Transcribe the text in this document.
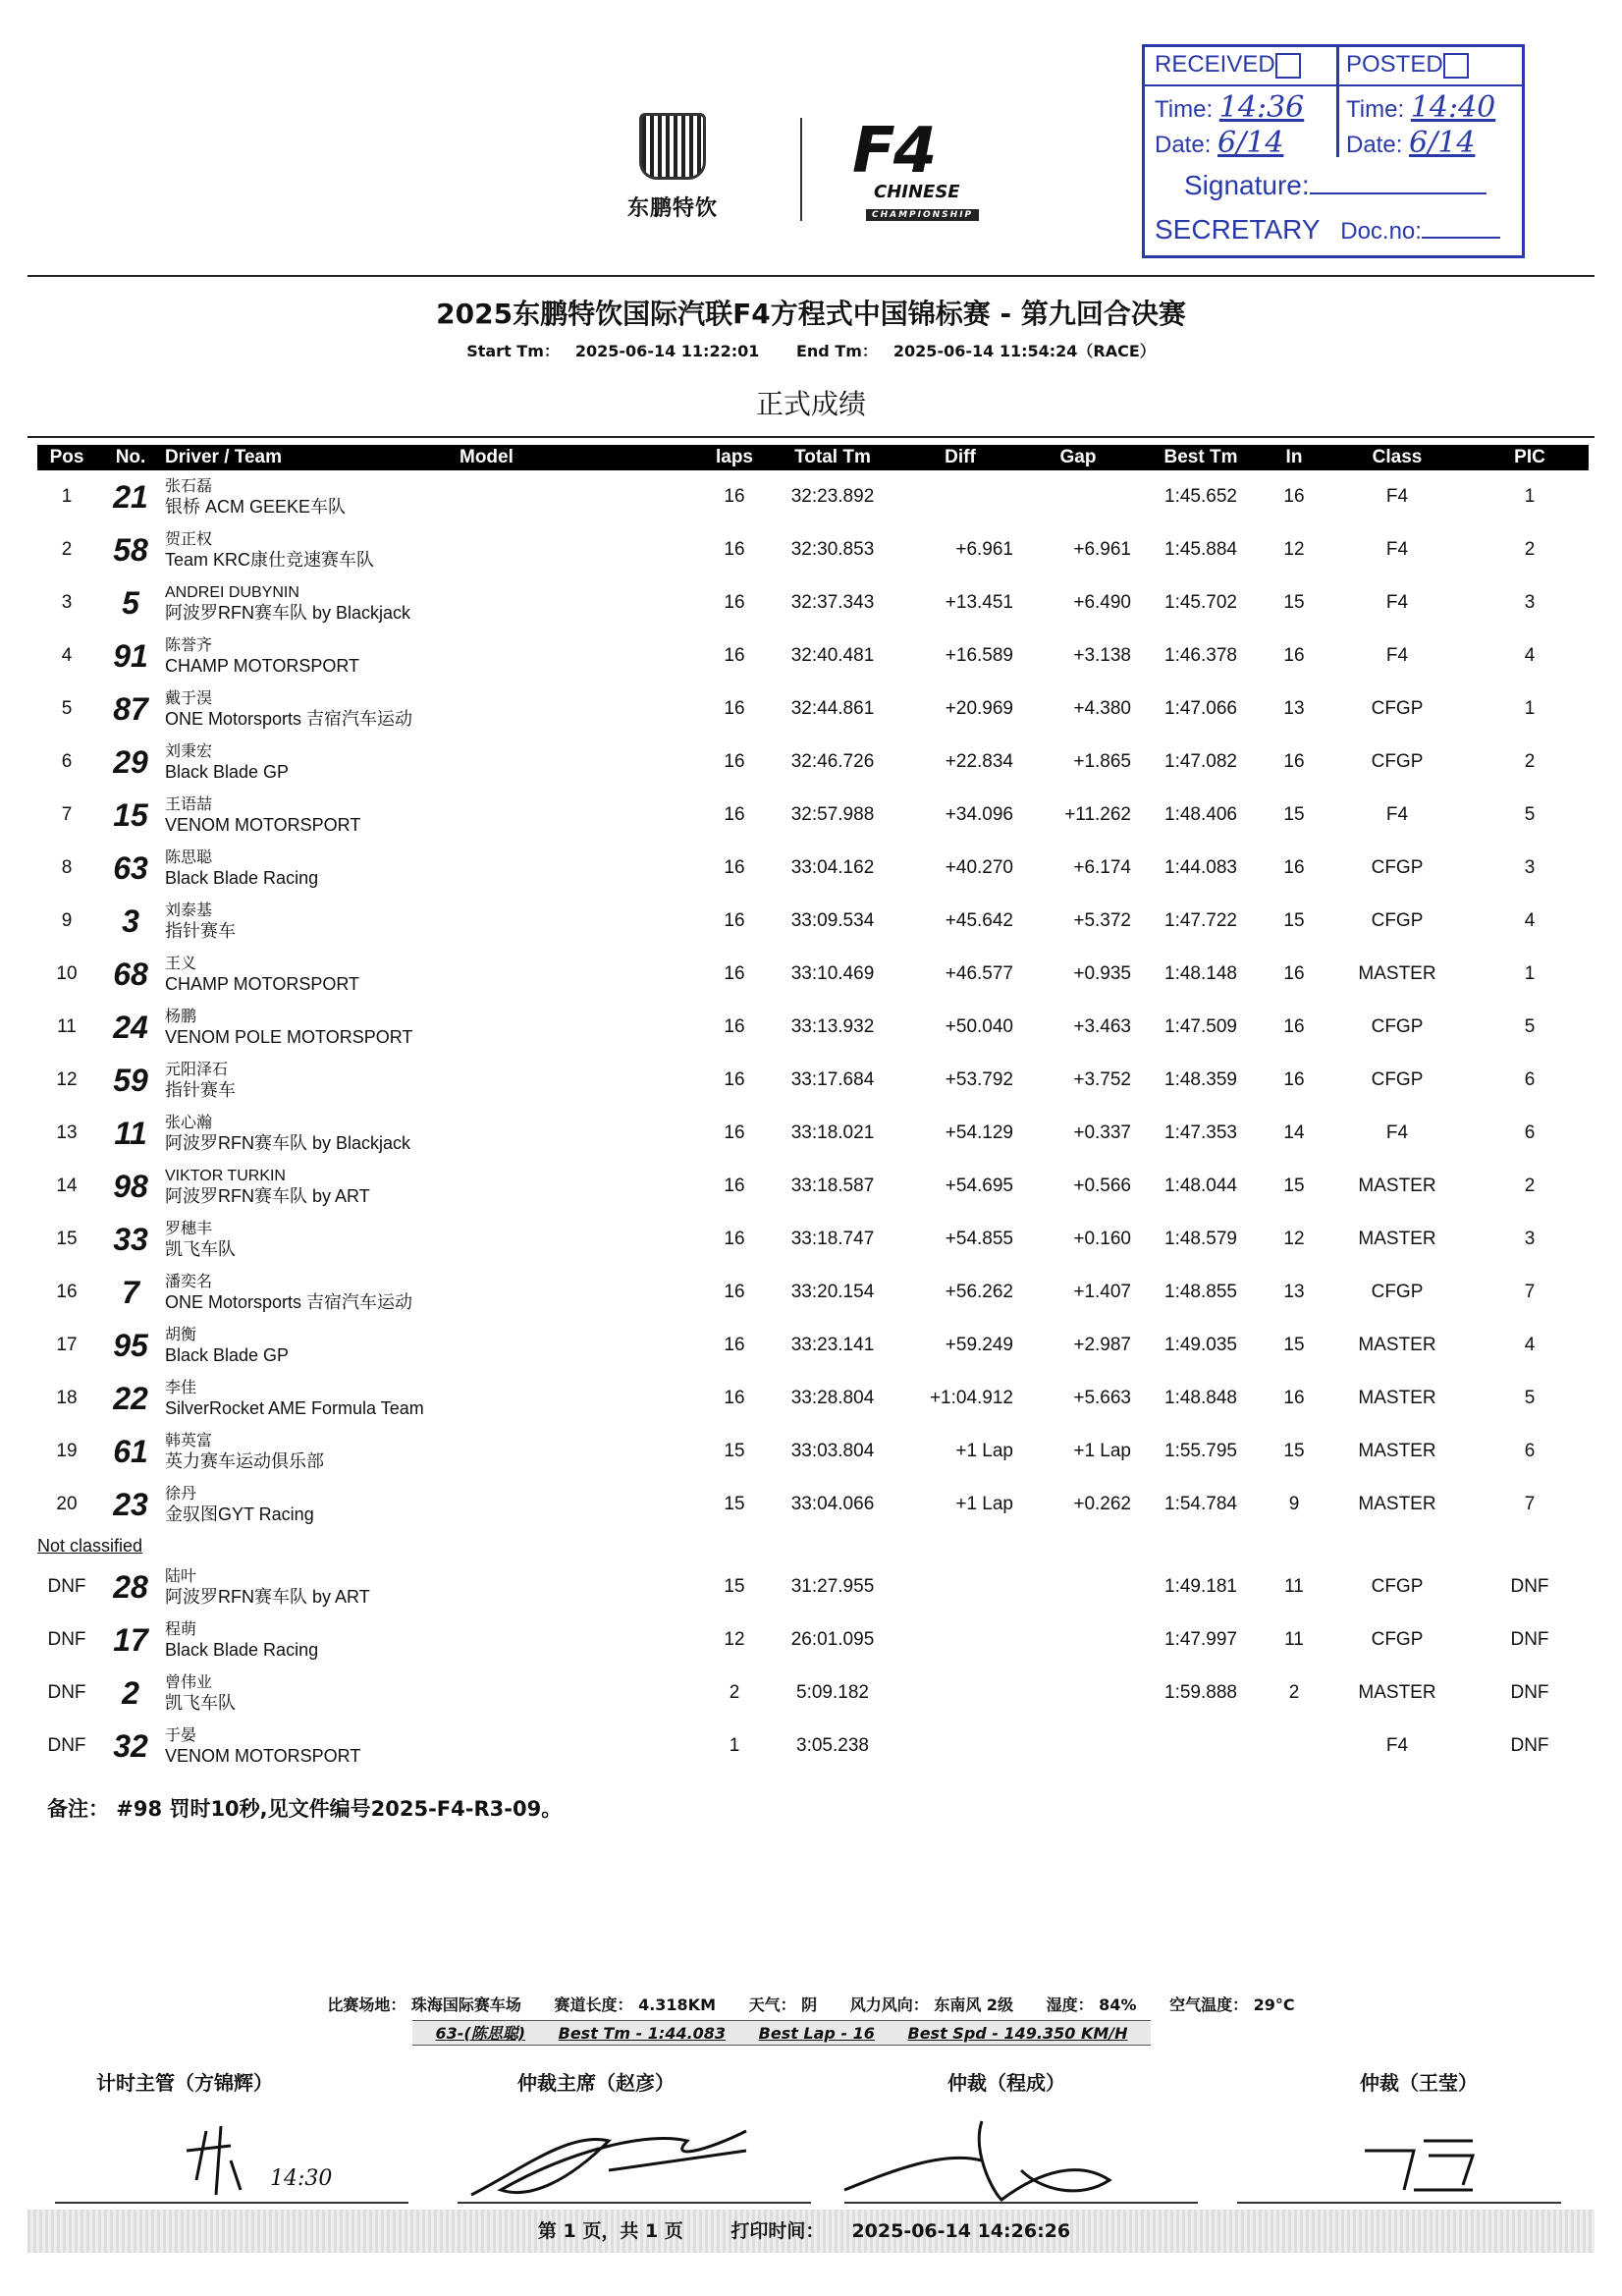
东鹏特饮
F4
CHINESE
CHAMPIONSHIP
RECEIVED	POSTED
Time: 14:36 Time: 14:40
Date: 6/14	Date: 6/14
Signature:
SECRETARY Doc.no:
2025东鹏特饮国际汽联F4方程式中国锦标赛 - 第九回合决赛
Start Tm： 2025-06-14 11:22:01 End Tm： 2025-06-14 11:54:24（RACE）
正式成绩
Pos	No.	Driver / Team	Model	laps	Total Tm	Diff	Gap	Best Tm	In	Class	PIC
1	21	张石磊
银桥 ACM GEEKE车队		16	32:23.892			1:45.652	16	F4	1
2	58	贺正权
Team KRC康仕竞速赛车队		16	32:30.853	+6.961	+6.961	1:45.884	12	F4	2
3	5	ANDREI DUBYNIN
阿波罗RFN赛车队 by Blackjack		16	32:37.343	+13.451	+6.490	1:45.702	15	F4	3
4	91	陈誉齐
CHAMP MOTORSPORT		16	32:40.481	+16.589	+3.138	1:46.378	16	F4	4
5	87	戴于淏
ONE Motorsports 吉宿汽车运动		16	32:44.861	+20.969	+4.380	1:47.066	13	CFGP	1
6	29	刘秉宏
Black Blade GP		16	32:46.726	+22.834	+1.865	1:47.082	16	CFGP	2
7	15	王语喆
VENOM MOTORSPORT		16	32:57.988	+34.096	+11.262	1:48.406	15	F4	5
8	63	陈思聪
Black Blade Racing		16	33:04.162	+40.270	+6.174	1:44.083	16	CFGP	3
9	3	刘泰基
指针赛车		16	33:09.534	+45.642	+5.372	1:47.722	15	CFGP	4
10	68	王义
CHAMP MOTORSPORT		16	33:10.469	+46.577	+0.935	1:48.148	16	MASTER	1
11	24	杨鹏
VENOM POLE MOTORSPORT		16	33:13.932	+50.040	+3.463	1:47.509	16	CFGP	5
12	59	元阳泽石
指针赛车		16	33:17.684	+53.792	+3.752	1:48.359	16	CFGP	6
13	11	张心瀚
阿波罗RFN赛车队 by Blackjack		16	33:18.021	+54.129	+0.337	1:47.353	14	F4	6
14	98	VIKTOR TURKIN
阿波罗RFN赛车队 by ART		16	33:18.587	+54.695	+0.566	1:48.044	15	MASTER	2
15	33	罗穗丰
凯飞车队		16	33:18.747	+54.855	+0.160	1:48.579	12	MASTER	3
16	7	潘奕名
ONE Motorsports 吉宿汽车运动		16	33:20.154	+56.262	+1.407	1:48.855	13	CFGP	7
17	95	胡衡
Black Blade GP		16	33:23.141	+59.249	+2.987	1:49.035	15	MASTER	4
18	22	李佳
SilverRocket AME Formula Team		16	33:28.804	+1:04.912	+5.663	1:48.848	16	MASTER	5
19	61	韩英富
英力赛车运动俱乐部		15	33:03.804	+1 Lap	+1 Lap	1:55.795	15	MASTER	6
20	23	徐丹
金驭图GYT Racing		15	33:04.066	+1 Lap	+0.262	1:54.784	9	MASTER	7
Not classified											
DNF	28	陆叶
阿波罗RFN赛车队 by ART		15	31:27.955			1:49.181	11	CFGP	DNF
DNF	17	程萌
Black Blade Racing		12	26:01.095			1:47.997	11	CFGP	DNF
DNF	2	曾伟业
凯飞车队		2	5:09.182			1:59.888	2	MASTER	DNF
DNF	32	于晏
VENOM MOTORSPORT		1	3:05.238					F4	DNF
备注： #98 罚时10秒,见文件编号2025-F4-R3-09。
比赛场地： 珠海国际赛车场 赛道长度： 4.318KM 天气： 阴 风力风向： 东南风 2级 湿度： 84% 空气温度： 29°C
63-(陈思聪) Best Tm - 1:44.083 Best Lap - 16 Best Spd - 149.350 KM/H
计时主管（方锦辉）	仲裁主席（赵彦）	仲裁（程成）	仲裁（王莹）
14:30
第 1 页，共 1 页	打印时间： 2025-06-14 14:26:26
